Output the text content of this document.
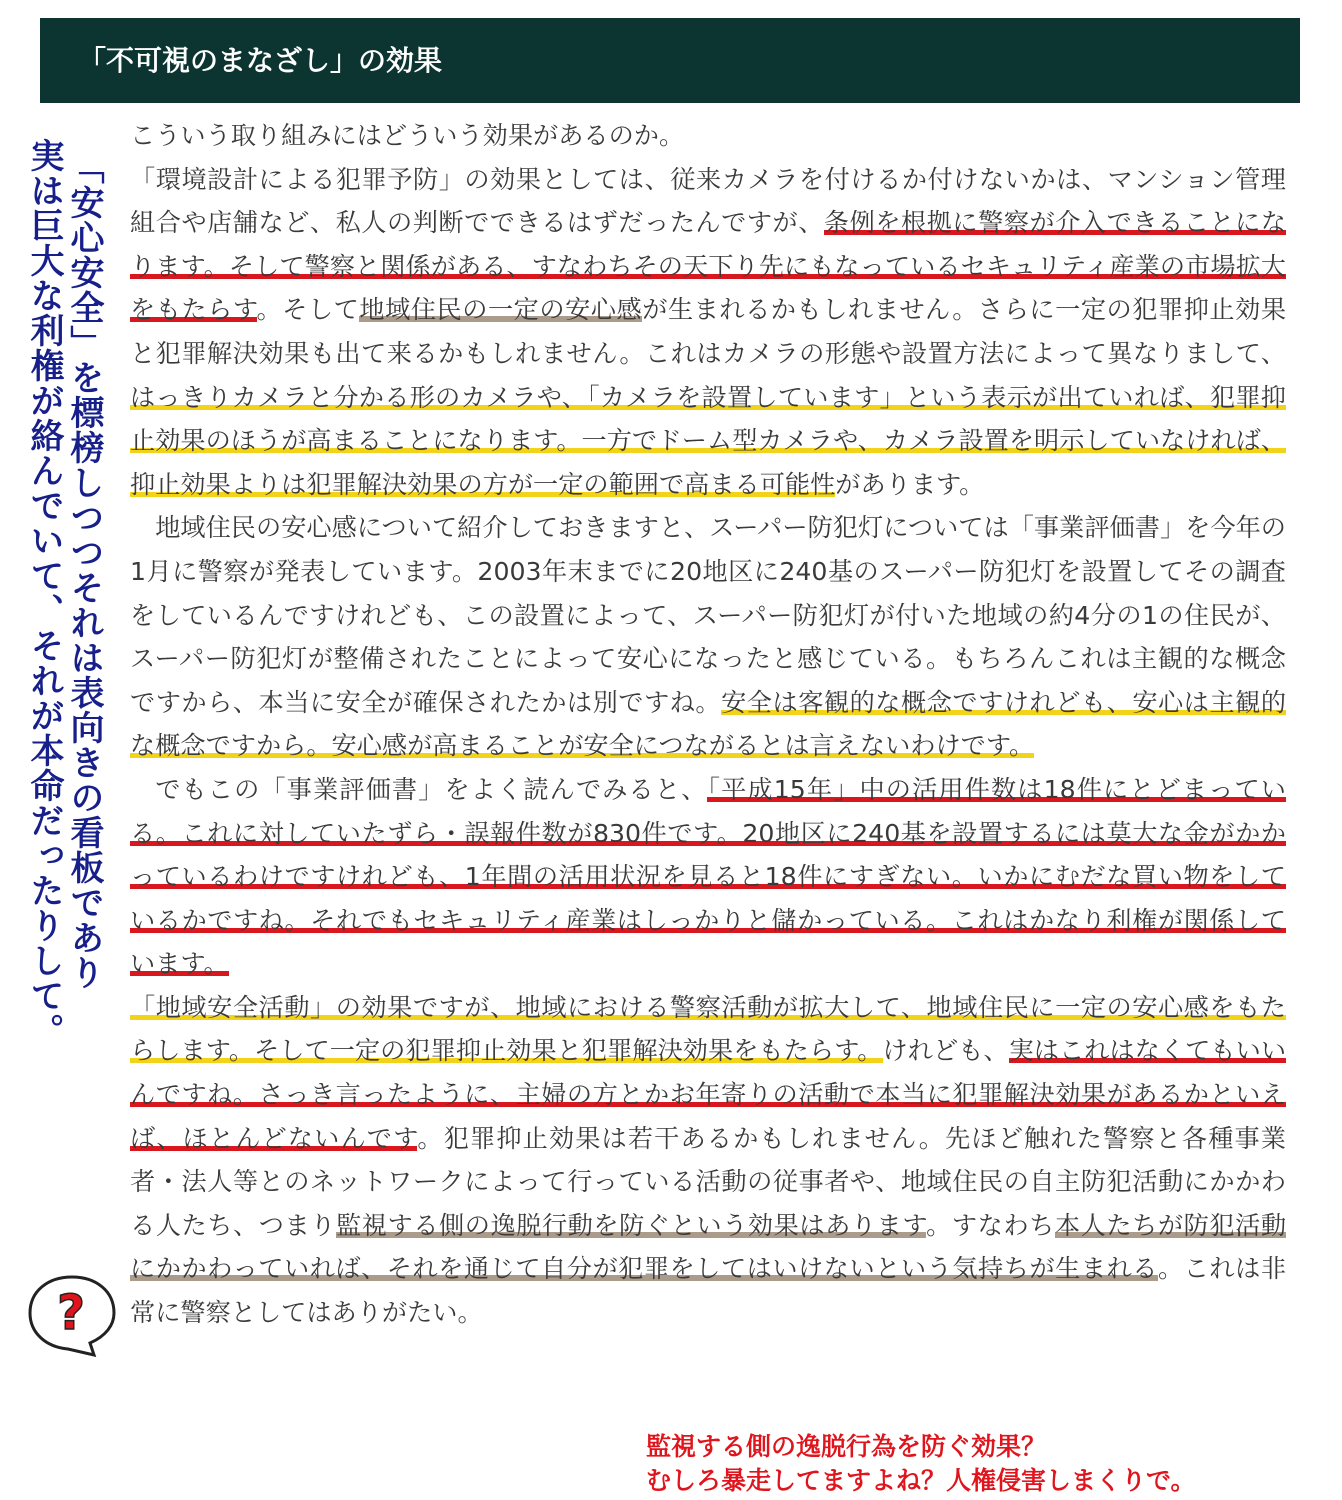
「不可視のまなざし」の効果
「安心安全」を標榜しつつそれは表向きの看板であり
実は巨大な利権が絡んでいて、それが本命だったりして。

こういう取り組みにはどういう効果があるのか。

「環境設計による犯罪予防」の効果としては、従来カメラを付けるか付けないかは、マンション管理組合や店舗など、私人の判断でできるはずだったんですが、条例を根拠に警察が介入できることになります。そして警察と関係がある、すなわちその天下り先にもなっているセキュリティ産業の市場拡大をもたらす。そして地域住民の一定の安心感が生まれるかもしれません。さらに一定の犯罪抑止効果と犯罪解決効果も出て来るかもしれません。これはカメラの形態や設置方法によって異なりまして、はっきりカメラと分かる形のカメラや、「カメラを設置しています」という表示が出ていれば、犯罪抑止効果のほうが高まることになります。一方でドーム型カメラや、カメラ設置を明示していなければ、抑止効果よりは犯罪解決効果の方が一定の範囲で高まる可能性があります。

地域住民の安心感について紹介しておきますと、スーパー防犯灯については「事業評価書」を今年の1月に警察が発表しています。2003年末までに20地区に240基のスーパー防犯灯を設置してその調査をしているんですけれども、この設置によって、スーパー防犯灯が付いた地域の約4分の1の住民が、スーパー防犯灯が整備されたことによって安心になったと感じている。もちろんこれは主観的な概念ですから、本当に安全が確保されたかは別ですね。安全は客観的な概念ですけれども、安心は主観的な概念ですから。安心感が高まることが安全につながるとは言えないわけです。

でもこの「事業評価書」をよく読んでみると、「平成15年」中の活用件数は18件にとどまっている。これに対していたずら・誤報件数が830件です。20地区に240基を設置するには莫大な金がかかっているわけですけれども、1年間の活用状況を見ると18件にすぎない。いかにむだな買い物をしているかですね。それでもセキュリティ産業はしっかりと儲かっている。これはかなり利権が関係しています。

「地域安全活動」の効果ですが、地域における警察活動が拡大して、地域住民に一定の安心感をもたらします。そして一定の犯罪抑止効果と犯罪解決効果をもたらす。けれども、実はこれはなくてもいいんですね。さっき言ったように、主婦の方とかお年寄りの活動で本当に犯罪解決効果があるかといえば、ほとんどないんです。犯罪抑止効果は若干あるかもしれません。先ほど触れた警察と各種事業者・法人等とのネットワークによって行っている活動の従事者や、地域住民の自主防犯活動にかかわる人たち、つまり監視する側の逸脱行動を防ぐという効果はあります。すなわち本人たちが防犯活動にかかわっていれば、それを通じて自分が犯罪をしてはいけないという気持ちが生まれる。これは非常に警察としてはありがたい。

?
監視する側の逸脱行為を防ぐ効果？
むしろ暴走してますよね？人権侵害しまくりで。
